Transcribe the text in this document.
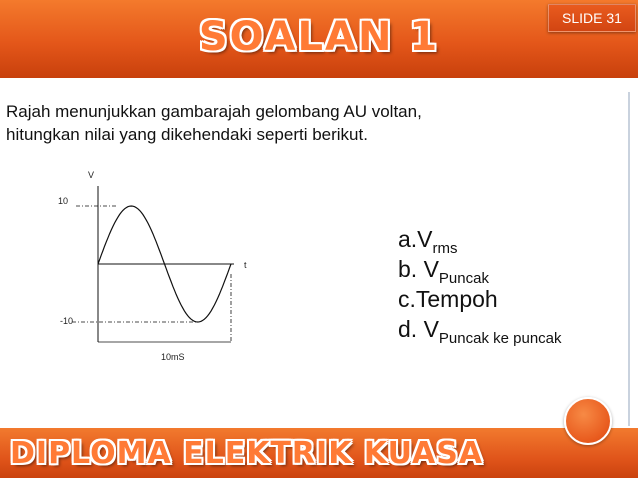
SOALAN 1	SLIDE 31
Rajah menunjukkan gambarajah gelombang AU voltan,
hitungkan nilai yang dikehendaki seperti berikut.
V
t
10
-10
10mS
$a.V_{rms}$
b. $V_{Puncak}$
c.Tempoh
d. $V_{Puncak ke puncak}$
DIPLOMA ELEKTRIK KUASA
